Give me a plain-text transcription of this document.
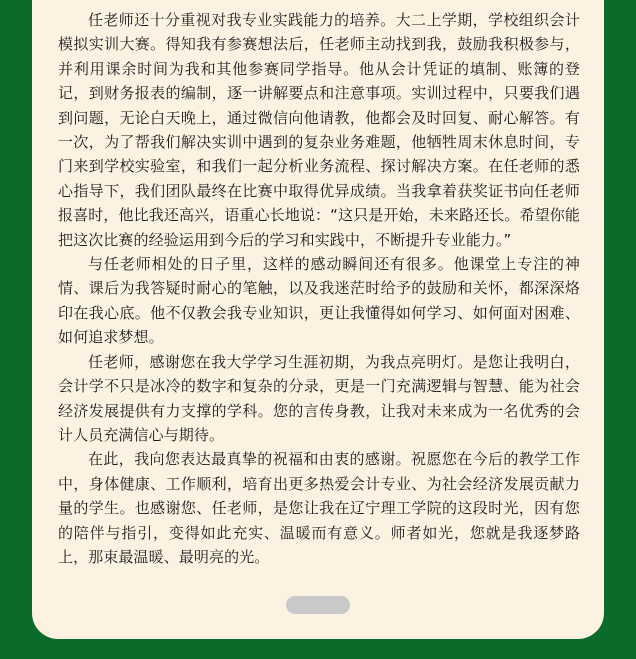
任老师还十分重视对我专业实践能力的培养。大二上学期，学校组织会计模拟实训大赛。得知我有参赛想法后，任老师主动找到我，鼓励我积极参与，并利用课余时间为我和其他参赛同学指导。他从会计凭证的填制、账簿的登记，到财务报表的编制，逐一讲解要点和注意事项。实训过程中，只要我们遇到问题，无论白天晚上，通过微信向他请教，他都会及时回复、耐心解答。有一次，为了帮我们解决实训中遇到的复杂业务难题，他牺牲周末休息时间，专门来到学校实验室，和我们一起分析业务流程、探讨解决方案。在任老师的悉心指导下，我们团队最终在比赛中取得优异成绩。当我拿着获奖证书向任老师报喜时，他比我还高兴，语重心长地说：“这只是开始，未来路还长。希望你能把这次比赛的经验运用到今后的学习和实践中，不断提升专业能力。”

与任老师相处的日子里，这样的感动瞬间还有很多。他课堂上专注的神情、课后为我答疑时耐心的笔触，以及我迷茫时给予的鼓励和关怀，都深深烙印在我心底。他不仅教会我专业知识，更让我懂得如何学习、如何面对困难、如何追求梦想。

任老师，感谢您在我大学学习生涯初期，为我点亮明灯。是您让我明白，会计学不只是冰冷的数字和复杂的分录，更是一门充满逻辑与智慧、能为社会经济发展提供有力支撑的学科。您的言传身教，让我对未来成为一名优秀的会计人员充满信心与期待。

在此，我向您表达最真挚的祝福和由衷的感谢。祝愿您在今后的教学工作中，身体健康、工作顺利，培育出更多热爱会计专业、为社会经济发展贡献力量的学生。也感谢您、任老师，是您让我在辽宁理工学院的这段时光，因有您的陪伴与指引，变得如此充实、温暖而有意义。师者如光，您就是我逐梦路上，那束最温暖、最明亮的光。
